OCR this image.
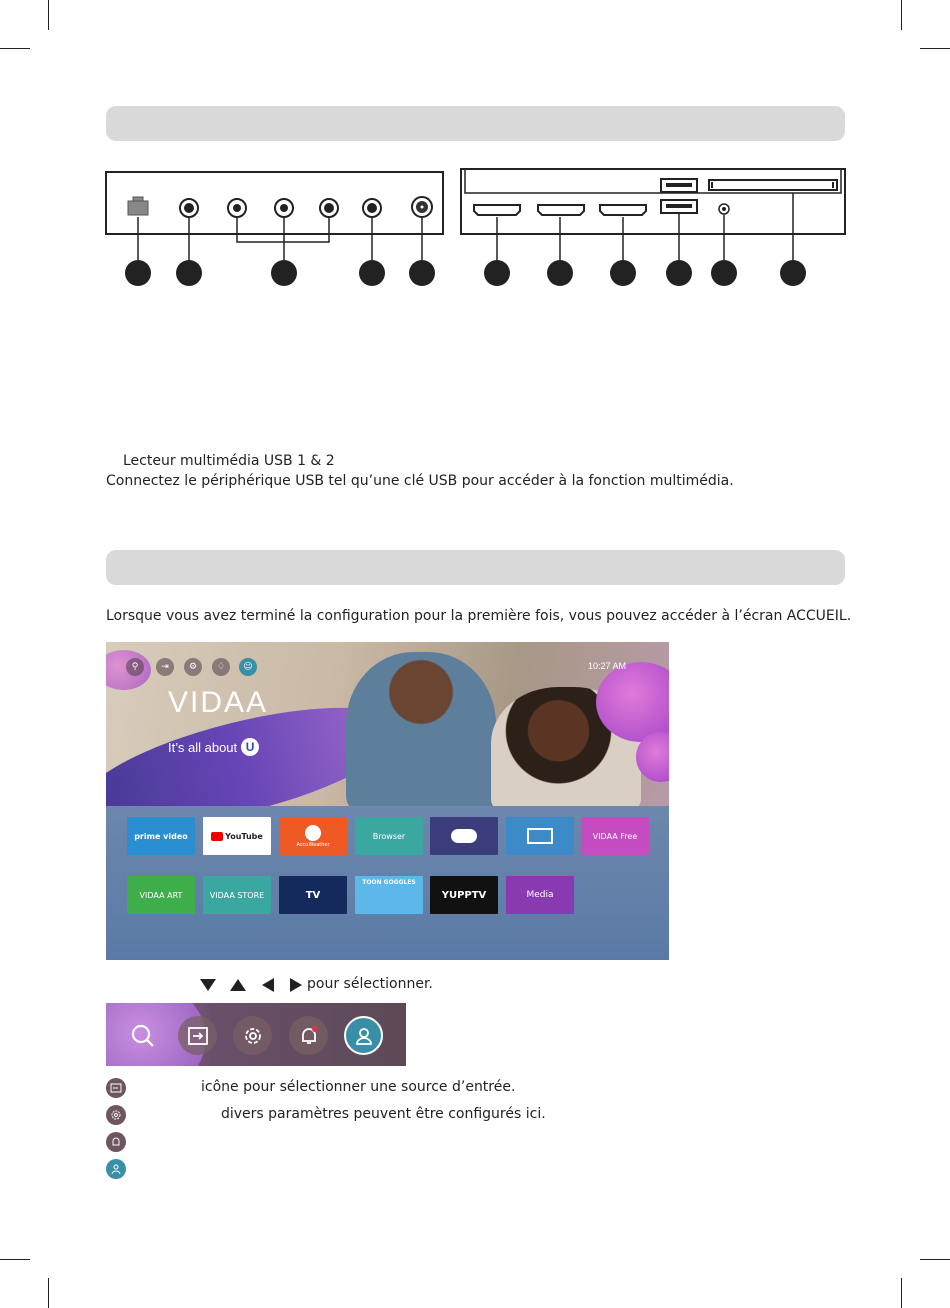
Lecteur multimédia USB 1 & 2
Connectez le périphérique USB tel qu’une clé USB pour accéder à la fonction multimédia.
Lorsque vous avez terminé la configuration pour la première fois, vous pouvez accéder à l’écran ACCUEIL.
⚲	⇥	⚙	♢	☺	10:27 AM
VIDAA
It’s all about U
prime video	YouTube
AccuWeather
Browser	VIDAA Free
VIDAA ART	VIDAA STORE	TV
TOON GOGGLES
YUPPTV	Media
pour sélectionner.
icône pour sélectionner une source d’entrée.
divers paramètres peuvent être configurés ici.
